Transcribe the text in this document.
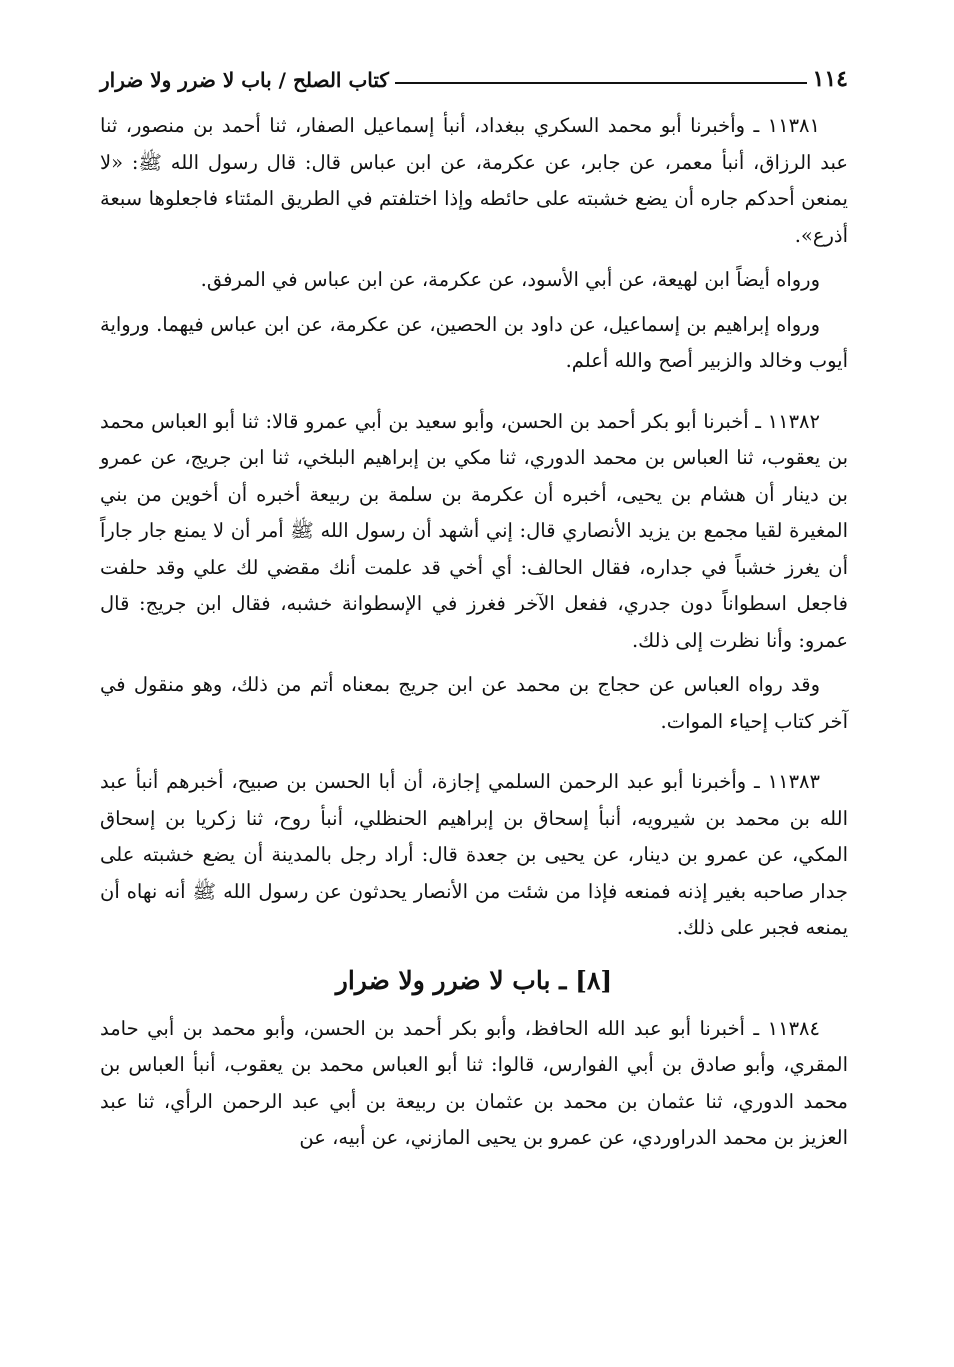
١١٤
كتاب الصلح / باب لا ضرر ولا ضرار

١١٣٨١ ـ وأخبرنا أبو محمد السكري ببغداد، أنبأ إسماعيل الصفار، ثنا أحمد بن منصور، ثنا عبد الرزاق، أنبأ معمر، عن جابر، عن عكرمة، عن ابن عباس قال: قال رسول الله ﷺ: «لا يمنعن أحدكم جاره أن يضع خشبته على حائطه وإذا اختلفتم في الطريق المئتاء فاجعلوها سبعة أذرع».

ورواه أيضاً ابن لهيعة، عن أبي الأسود، عن عكرمة، عن ابن عباس في المرفق.

ورواه إبراهيم بن إسماعيل، عن داود بن الحصين، عن عكرمة، عن ابن عباس فيهما. ورواية أيوب وخالد والزبير أصح والله أعلم.

١١٣٨٢ ـ أخبرنا أبو بكر أحمد بن الحسن، وأبو سعيد بن أبي عمرو قالا: ثنا أبو العباس محمد بن يعقوب، ثنا العباس بن محمد الدوري، ثنا مكي بن إبراهيم البلخي، ثنا ابن جريج، عن عمرو بن دينار أن هشام بن يحيى، أخبره أن عكرمة بن سلمة بن ربيعة أخبره أن أخوين من بني المغيرة لقيا مجمع بن يزيد الأنصاري قال: إني أشهد أن رسول الله ﷺ أمر أن لا يمنع جار جاراً أن يغرز خشباً في جداره، فقال الحالف: أي أخي قد علمت أنك مقضي لك علي وقد حلفت فاجعل اسطواناً دون جدري، ففعل الآخر فغرز في الإسطوانة خشبه، فقال ابن جريج: قال عمرو: وأنا نظرت إلى ذلك.

وقد رواه العباس عن حجاج بن محمد عن ابن جريج بمعناه أتم من ذلك، وهو منقول في آخر كتاب إحياء الموات.

١١٣٨٣ ـ وأخبرنا أبو عبد الرحمن السلمي إجازة، أن أبا الحسن بن صبيح، أخبرهم أنبأ عبد الله بن محمد بن شيرويه، أنبأ إسحاق بن إبراهيم الحنظلي، أنبأ روح، ثنا زكريا بن إسحاق المكي، عن عمرو بن دينار، عن يحيى بن جعدة قال: أراد رجل بالمدينة أن يضع خشبته على جدار صاحبه بغير إذنه فمنعه فإذا من شئت من الأنصار يحدثون عن رسول الله ﷺ أنه نهاه أن يمنعه فجبر على ذلك.

[٨] ـ باب لا ضرر ولا ضرار

١١٣٨٤ ـ أخبرنا أبو عبد الله الحافظ، وأبو بكر أحمد بن الحسن، وأبو محمد بن أبي حامد المقري، وأبو صادق بن أبي الفوارس، قالوا: ثنا أبو العباس محمد بن يعقوب، أنبأ العباس بن محمد الدوري، ثنا عثمان بن محمد بن عثمان بن ربيعة بن أبي عبد الرحمن الرأي، ثنا عبد العزيز بن محمد الدراوردي، عن عمرو بن يحيى المازني، عن أبيه، عن
